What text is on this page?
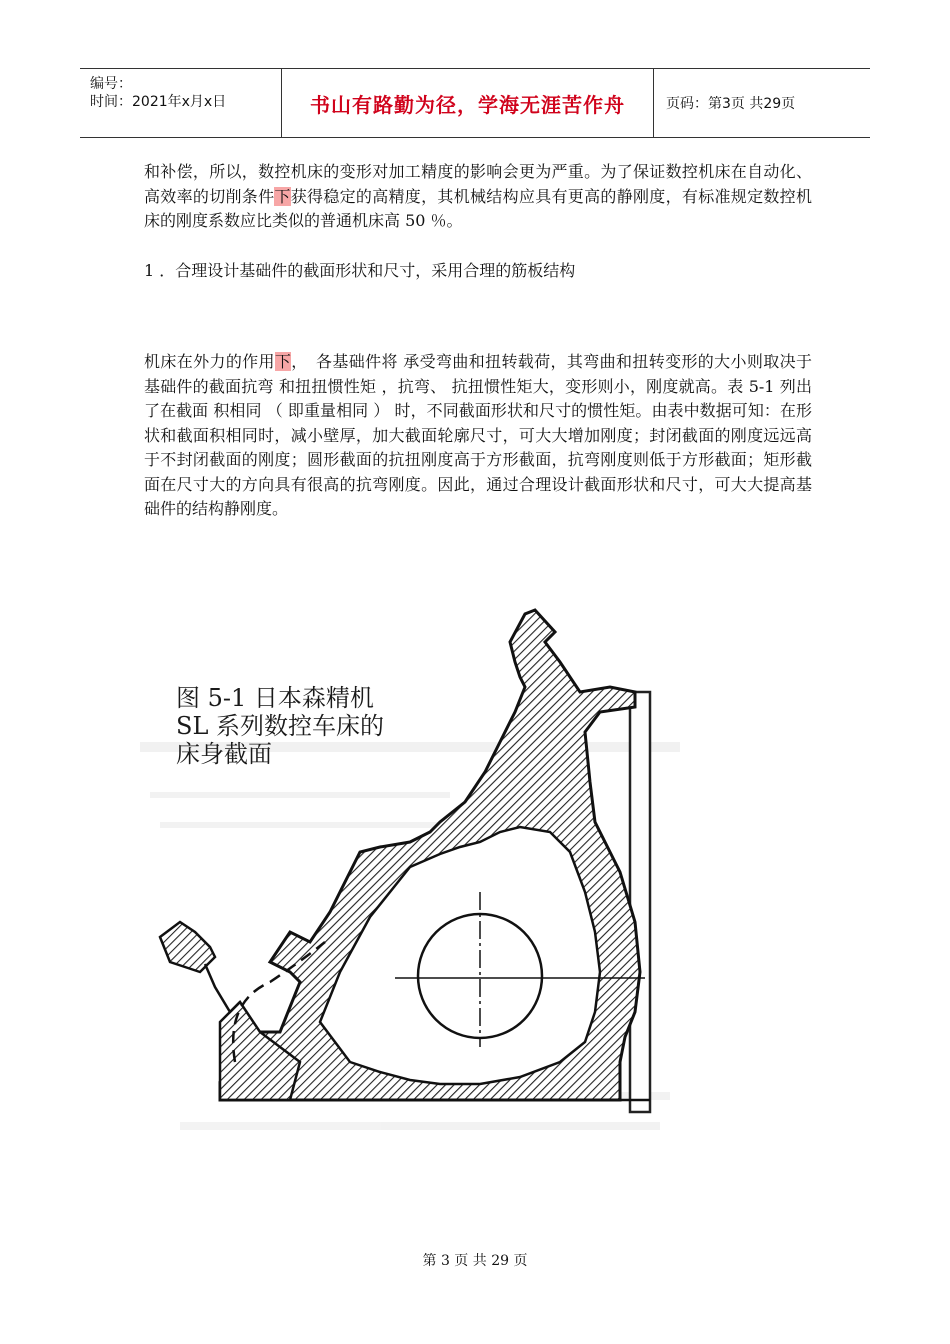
编号：
时间：2021年x月x日	书山有路勤为径，学海无涯苦作舟	页码：第3页 共29页
和补偿，所以，数控机床的变形对加工精度的影响会更为严重。为了保证数控机床在自动化、高效率的切削条件下获得稳定的高精度，其机械结构应具有更高的静刚度，有标准规定数控机床的刚度系数应比类似的普通机床高 50 ％。
1 ．合理设计基础件的截面形状和尺寸，采用合理的筋板结构
机床在外力的作用下，　各基础件将 承受弯曲和扭转载荷，其弯曲和扭转变形的大小则取决于基础件的截面抗弯 和扭扭惯性矩 ，抗弯、 抗扭惯性矩大，变形则小，刚度就高。表 5-1 列出了在截面 积相同 （ 即重量相同 ） 时，不同截面形状和尺寸的惯性矩。由表中数据可知：在形状和截面积相同时，减小壁厚，加大截面轮廓尺寸，可大大增加刚度；封闭截面的刚度远远高于不封闭截面的刚度；圆形截面的抗扭刚度高于方形截面，抗弯刚度则低于方形截面；矩形截面在尺寸大的方向具有很高的抗弯刚度。因此，通过合理设计截面形状和尺寸，可大大提高基础件的结构静刚度。
图 5-1 日本森精机
SL 系列数控车床的
床身截面
第 3 页 共 29 页
